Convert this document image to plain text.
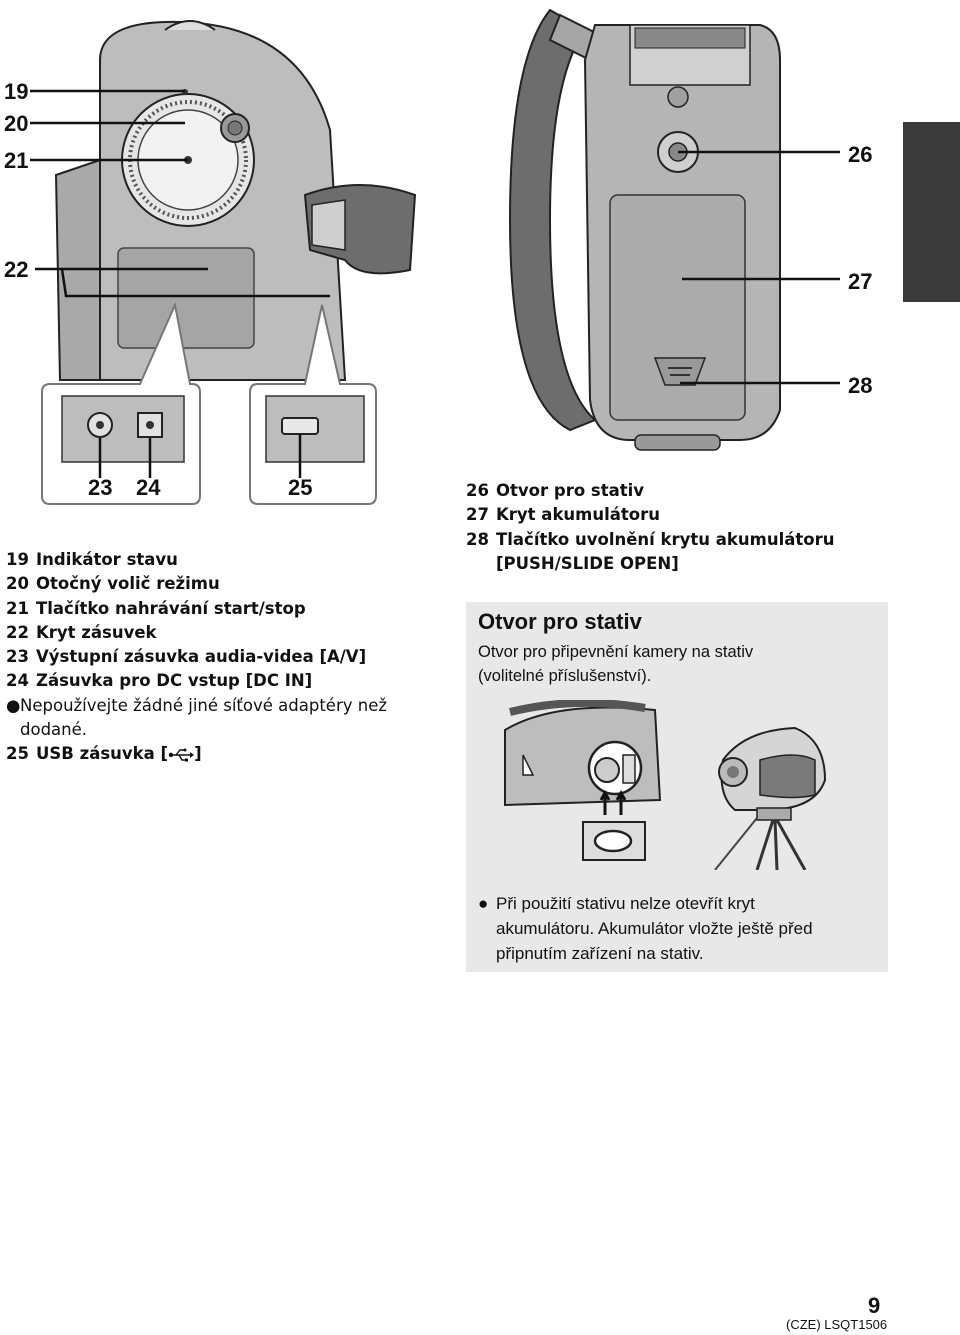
19
20
21
22
23 24	25
26
27
28
19 Indikátor stavu
20 Otočný volič režimu
21 Tlačítko nahrávání start/stop
22 Kryt zásuvek
23 Výstupní zásuvka audia-videa [A/V]
24 Zásuvka pro DC vstup [DC IN]
●Nepoužívejte žádné jiné síťové adaptéry než
dodané.
25 USB zásuvka [ ]
26 Otvor pro stativ
27 Kryt akumulátoru
28 Tlačítko uvolnění krytu akumulátoru
[PUSH/SLIDE OPEN]
Otvor pro stativ
Otvor pro připevnění kamery na stativ
(volitelné příslušenství).
● Při použití stativu nelze otevřít kryt
akumulátoru. Akumulátor vložte ještě před
připnutím zařízení na stativ.
9
(CZE) LSQT1506
